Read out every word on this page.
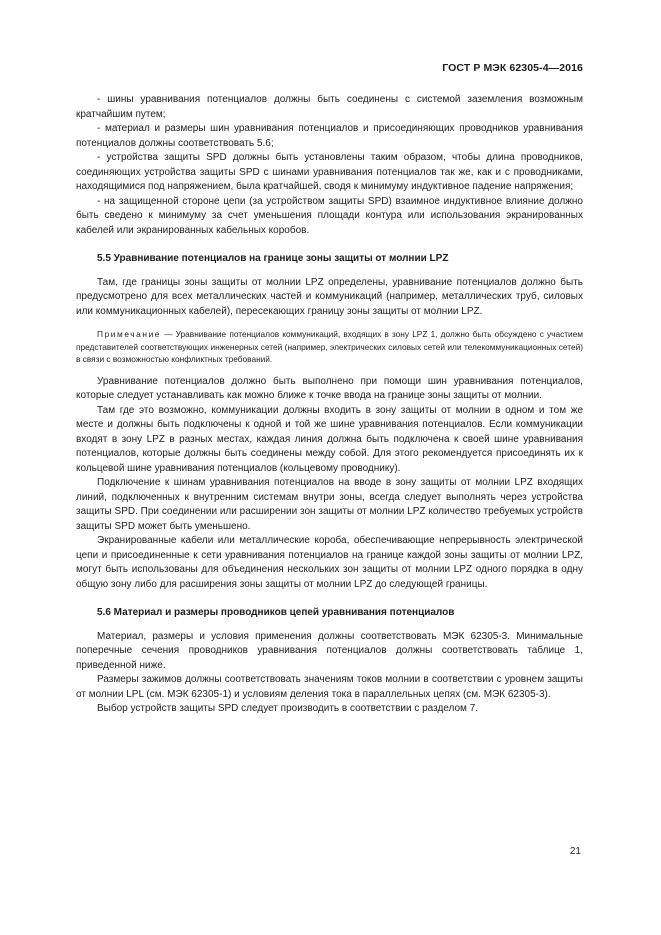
ГОСТ Р МЭК 62305-4—2016

- шины уравнивания потенциалов должны быть соединены с системой заземления возможным кратчайшим путем;

- материал и размеры шин уравнивания потенциалов и присоединяющих проводников уравнивания потенциалов должны соответствовать 5.6;

- устройства защиты SPD должны быть установлены таким образом, чтобы длина проводников, соединяющих устройства защиты SPD с шинами уравнивания потенциалов так же, как и с проводниками, находящимися под напряжением, была кратчайшей, сводя к минимуму индуктивное падение напряжения;

- на защищенной стороне цепи (за устройством защиты SPD) взаимное индуктивное влияние должно быть сведено к минимуму за счет уменьшения площади контура или использования экранированных кабелей или экранированных кабельных коробов.

5.5 Уравнивание потенциалов на границе зоны защиты от молнии LPZ

Там, где границы зоны защиты от молнии LPZ определены, уравнивание потенциалов должно быть предусмотрено для всех металлических частей и коммуникаций (например, металлических труб, силовых или коммуникационных кабелей), пересекающих границу зоны защиты от молнии LPZ.

Примечание — Уравнивание потенциалов коммуникаций, входящих в зону LPZ 1, должно быть обсуждено с участием представителей соответствующих инженерных сетей (например, электрических силовых сетей или телекоммуникационных сетей) в связи с возможностью конфликтных требований.

Уравнивание потенциалов должно быть выполнено при помощи шин уравнивания потенциалов, которые следует устанавливать как можно ближе к точке ввода на границе зоны защиты от молнии.

Там где это возможно, коммуникации должны входить в зону защиты от молнии в одном и том же месте и должны быть подключены к одной и той же шине уравнивания потенциалов. Если коммуникации входят в зону LPZ в разных местах, каждая линия должна быть подключена к своей шине уравнивания потенциалов, которые должны быть соединены между собой. Для этого рекомендуется присоединять их к кольцевой шине уравнивания потенциалов (кольцевому проводнику).

Подключение к шинам уравнивания потенциалов на вводе в зону защиты от молнии LPZ входящих линий, подключенных к внутренним системам внутри зоны, всегда следует выполнять через устройства защиты SPD. При соединении или расширении зон защиты от молнии LPZ количество требуемых устройств защиты SPD может быть уменьшено.

Экранированные кабели или металлические короба, обеспечивающие непрерывность электрической цепи и присоединенные к сети уравнивания потенциалов на границе каждой зоны защиты от молнии LPZ, могут быть использованы для объединения нескольких зон защиты от молнии LPZ одного порядка в одну общую зону либо для расширения зоны защиты от молнии LPZ до следующей границы.

5.6 Материал и размеры проводников цепей уравнивания потенциалов

Материал, размеры и условия применения должны соответствовать МЭК 62305-3. Минимальные поперечные сечения проводников уравнивания потенциалов должны соответствовать таблице 1, приведенной ниже.

Размеры зажимов должны соответствовать значениям токов молнии в соответствии с уровнем защиты от молнии LPL (см. МЭК 62305-1) и условиям деления тока в параллельных цепях (см. МЭК 62305-3).

Выбор устройств защиты SPD следует производить в соответствии с разделом 7.

21
